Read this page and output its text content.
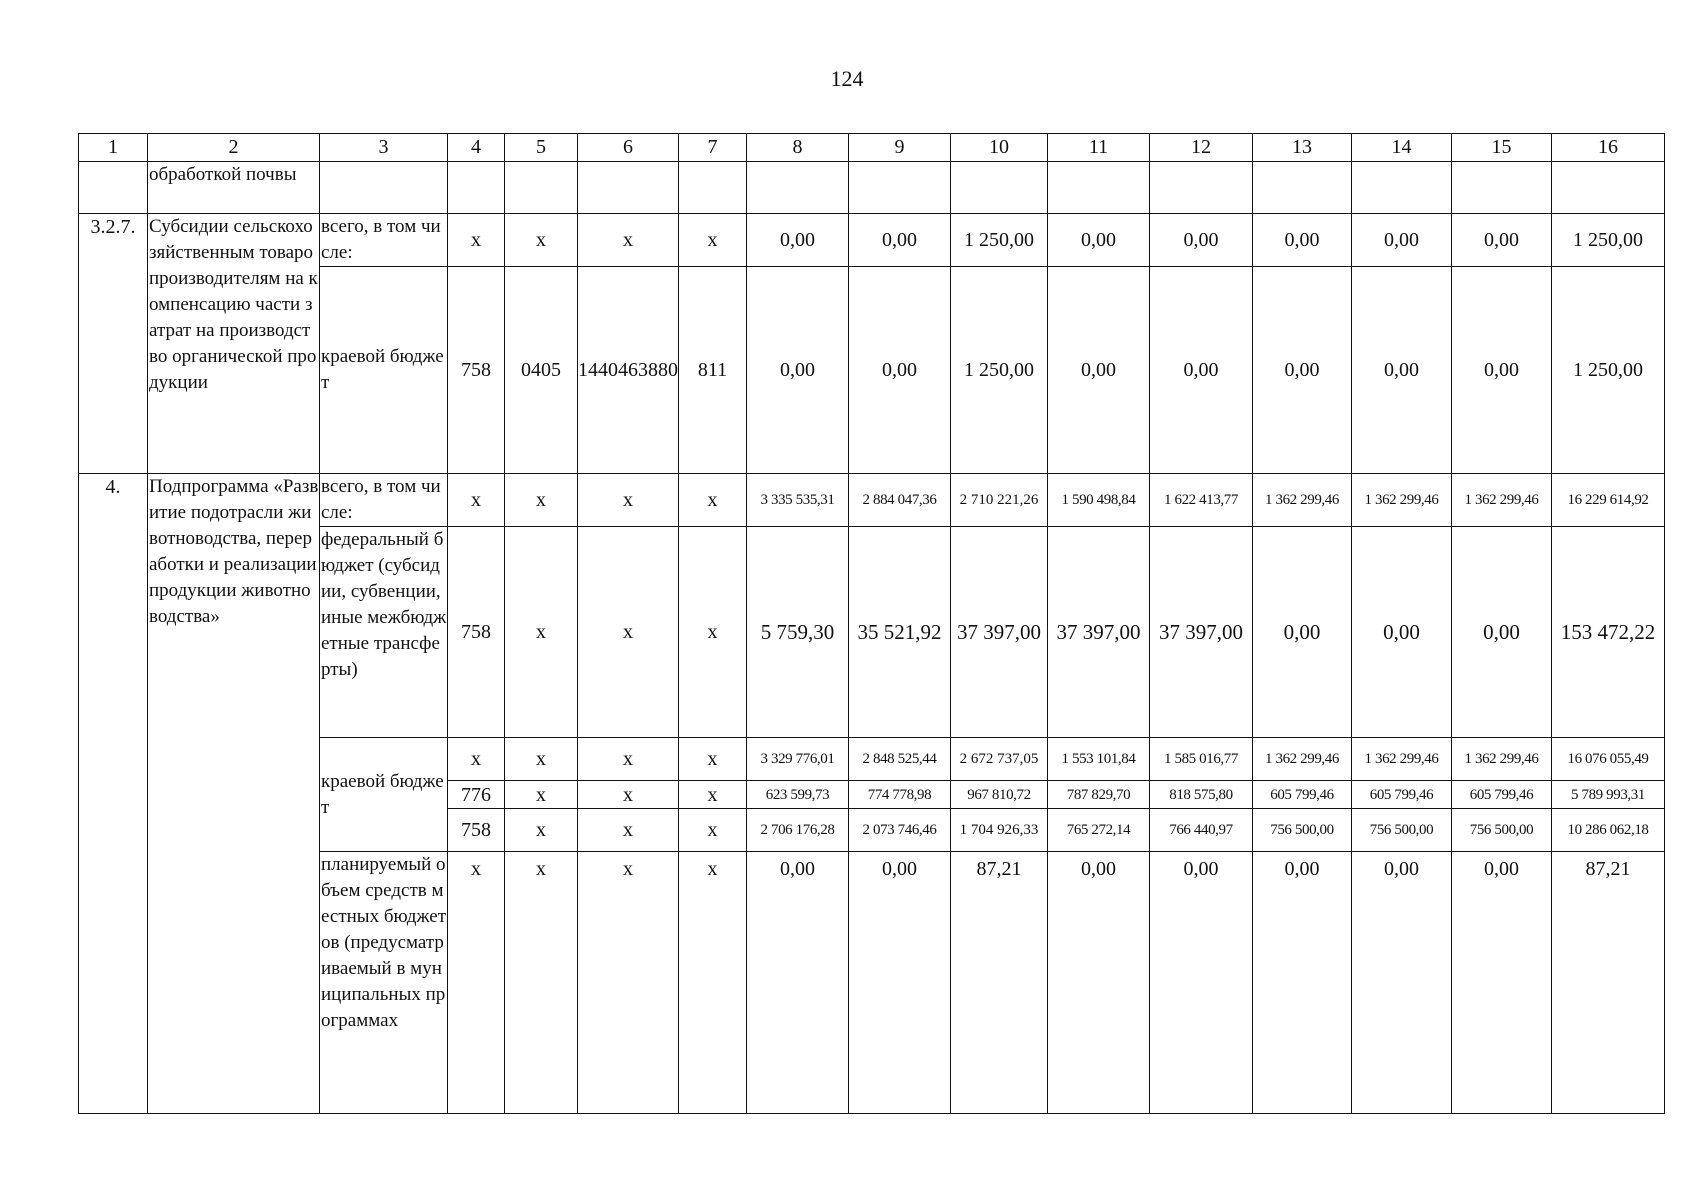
124
1	2	3	4	5	6	7	8	9	10	11	12	13	14	15	16
	обработкой почвы														
3.2.7.	Субсидии сельскохозяйственным товаропроизводителям на компенсацию части затрат на производство органической продукции	всего, в том числе:	х	х	х	х	0,00	0,00	1 250,00	0,00	0,00	0,00	0,00	0,00	1 250,00
		краевой бюджет	758	0405	1440463880	811	0,00	0,00	1 250,00	0,00	0,00	0,00	0,00	0,00	1 250,00
4.	Подпрограмма «Развитие подотрасли животноводства, переработки и реализации продукции животноводства»	всего, в том числе:	х	х	х	х	3 335 535,31	2 884 047,36	2 710 221,26	1 590 498,84	1 622 413,77	1 362 299,46	1 362 299,46	1 362 299,46	16 229 614,92
		федеральный бюджет (субсидии, субвенции, иные межбюджетные трансферты)	758	х	х	х	5 759,30	35 521,92	37 397,00	37 397,00	37 397,00	0,00	0,00	0,00	153 472,22
		краевой бюджет	х	х	х	х	3 329 776,01	2 848 525,44	2 672 737,05	1 553 101,84	1 585 016,77	1 362 299,46	1 362 299,46	1 362 299,46	16 076 055,49
			776	х	х	х	623 599,73	774 778,98	967 810,72	787 829,70	818 575,80	605 799,46	605 799,46	605 799,46	5 789 993,31
			758	х	х	х	2 706 176,28	2 073 746,46	1 704 926,33	765 272,14	766 440,97	756 500,00	756 500,00	756 500,00	10 286 062,18
		планируемый объем средств местных бюджетов (предусматриваемый в муниципальных программах	х	х	х	х	0,00	0,00	87,21	0,00	0,00	0,00	0,00	0,00	87,21
